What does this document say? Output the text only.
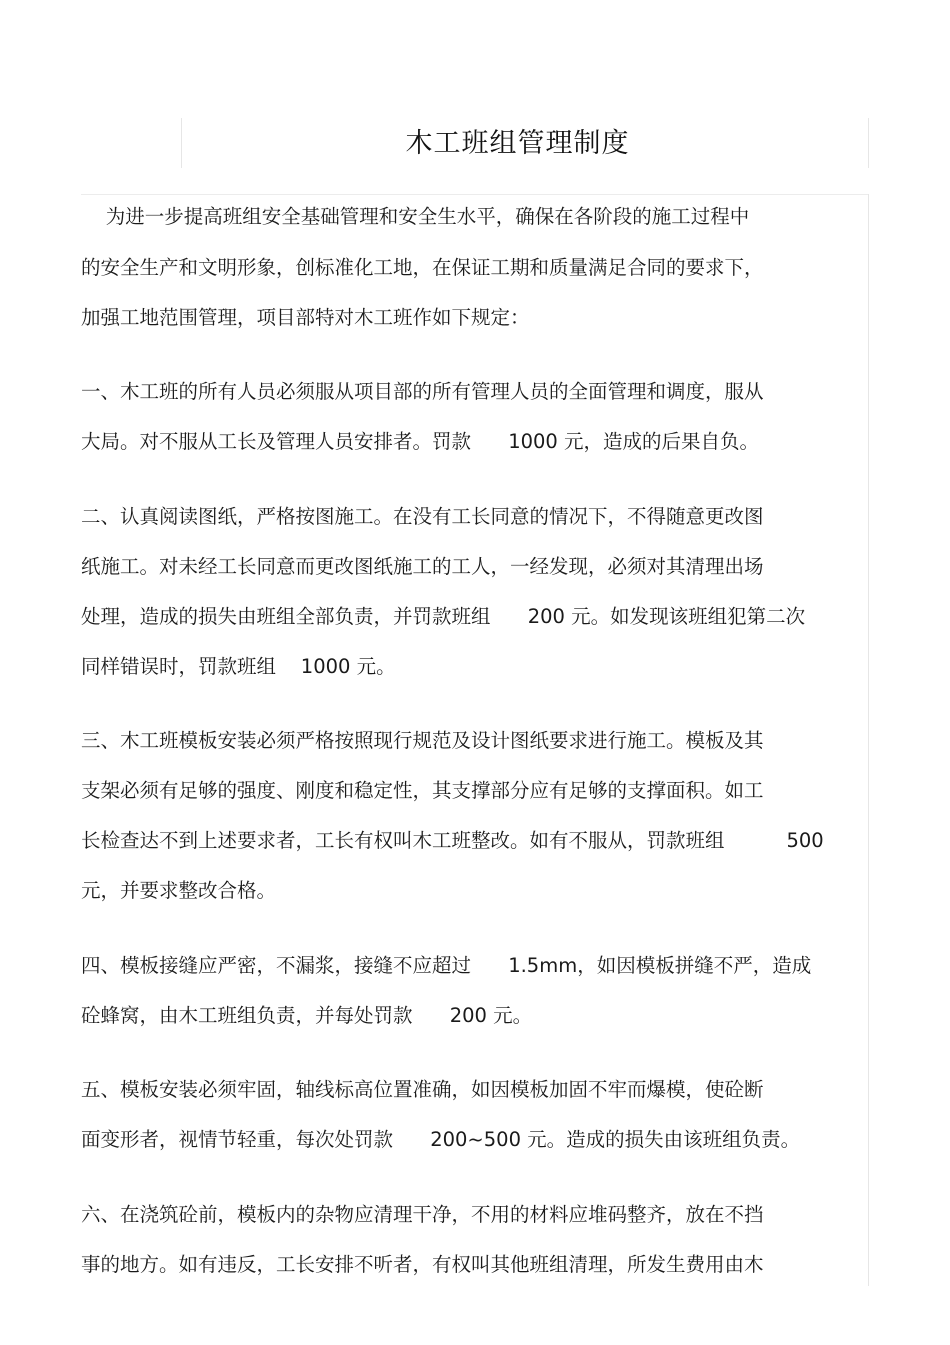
木工班组管理制度
为进一步提高班组安全基础管理和安全生水平，确保在各阶段的施工过程中
的安全生产和文明形象，创标准化工地，在保证工期和质量满足合同的要求下，
加强工地范围管理，项目部特对木工班作如下规定：
一、木工班的所有人员必须服从项目部的所有管理人员的全面管理和调度，服从
大局。对不服从工长及管理人员安排者。罚款      1000 元，造成的后果自负。
二、认真阅读图纸，严格按图施工。在没有工长同意的情况下，不得随意更改图
纸施工。对未经工长同意而更改图纸施工的工人，一经发现，必须对其清理出场
处理，造成的损失由班组全部负责，并罚款班组      200 元。如发现该班组犯第二次
同样错误时，罚款班组    1000 元。
三、木工班模板安装必须严格按照现行规范及设计图纸要求进行施工。模板及其
支架必须有足够的强度、刚度和稳定性，其支撑部分应有足够的支撑面积。如工
长检查达不到上述要求者，工长有权叫木工班整改。如有不服从，罚款班组          500
元，并要求整改合格。
四、模板接缝应严密，不漏浆，接缝不应超过      1.5mm，如因模板拼缝不严，造成
砼蜂窝，由木工班组负责，并每处罚款      200 元。
五、模板安装必须牢固，轴线标高位置准确，如因模板加固不牢而爆模，使砼断
面变形者，视情节轻重，每次处罚款      200~500 元。造成的损失由该班组负责。
六、在浇筑砼前，模板内的杂物应清理干净，不用的材料应堆码整齐，放在不挡
事的地方。如有违反，工长安排不听者，有权叫其他班组清理，所发生费用由木
